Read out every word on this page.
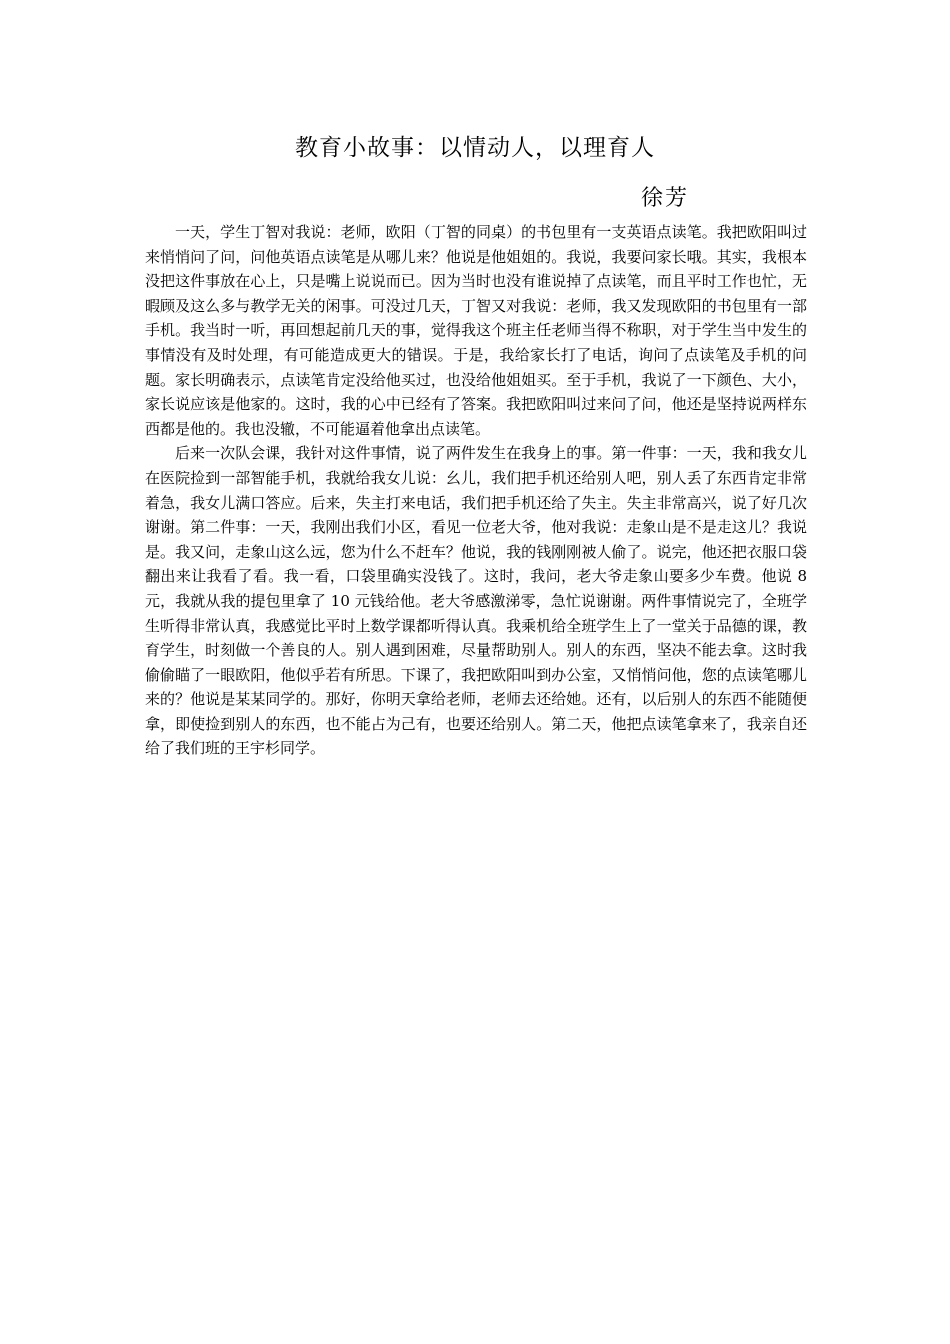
教育小故事：以情动人，以理育人
徐芳

一天，学生丁智对我说：老师，欧阳（丁智的同桌）的书包里有一支英语点读笔。我把欧阳叫过来悄悄问了问，问他英语点读笔是从哪儿来？他说是他姐姐的。我说，我要问家长哦。其实，我根本没把这件事放在心上，只是嘴上说说而已。因为当时也没有谁说掉了点读笔，而且平时工作也忙，无暇顾及这么多与教学无关的闲事。可没过几天，丁智又对我说：老师，我又发现欧阳的书包里有一部手机。我当时一听，再回想起前几天的事，觉得我这个班主任老师当得不称职，对于学生当中发生的事情没有及时处理，有可能造成更大的错误。于是，我给家长打了电话，询问了点读笔及手机的问题。家长明确表示，点读笔肯定没给他买过，也没给他姐姐买。至于手机，我说了一下颜色、大小，家长说应该是他家的。这时，我的心中已经有了答案。我把欧阳叫过来问了问，他还是坚持说两样东西都是他的。我也没辙，不可能逼着他拿出点读笔。

后来一次队会课，我针对这件事情，说了两件发生在我身上的事。第一件事：一天，我和我女儿在医院捡到一部智能手机，我就给我女儿说：幺儿，我们把手机还给别人吧，别人丢了东西肯定非常着急，我女儿满口答应。后来，失主打来电话，我们把手机还给了失主。失主非常高兴，说了好几次谢谢。第二件事：一天，我刚出我们小区，看见一位老大爷，他对我说：走象山是不是走这儿？我说是。我又问，走象山这么远，您为什么不赶车？他说，我的钱刚刚被人偷了。说完，他还把衣服口袋翻出来让我看了看。我一看，口袋里确实没钱了。这时，我问，老大爷走象山要多少车费。他说 8 元，我就从我的提包里拿了 10 元钱给他。老大爷感激涕零，急忙说谢谢。两件事情说完了，全班学生听得非常认真，我感觉比平时上数学课都听得认真。我乘机给全班学生上了一堂关于品德的课，教育学生，时刻做一个善良的人。别人遇到困难，尽量帮助别人。别人的东西，坚决不能去拿。这时我偷偷瞄了一眼欧阳，他似乎若有所思。下课了，我把欧阳叫到办公室，又悄悄问他，您的点读笔哪儿来的？他说是某某同学的。那好，你明天拿给老师，老师去还给她。还有，以后别人的东西不能随便拿，即使捡到别人的东西，也不能占为己有，也要还给别人。第二天，他把点读笔拿来了，我亲自还给了我们班的王宇杉同学。
